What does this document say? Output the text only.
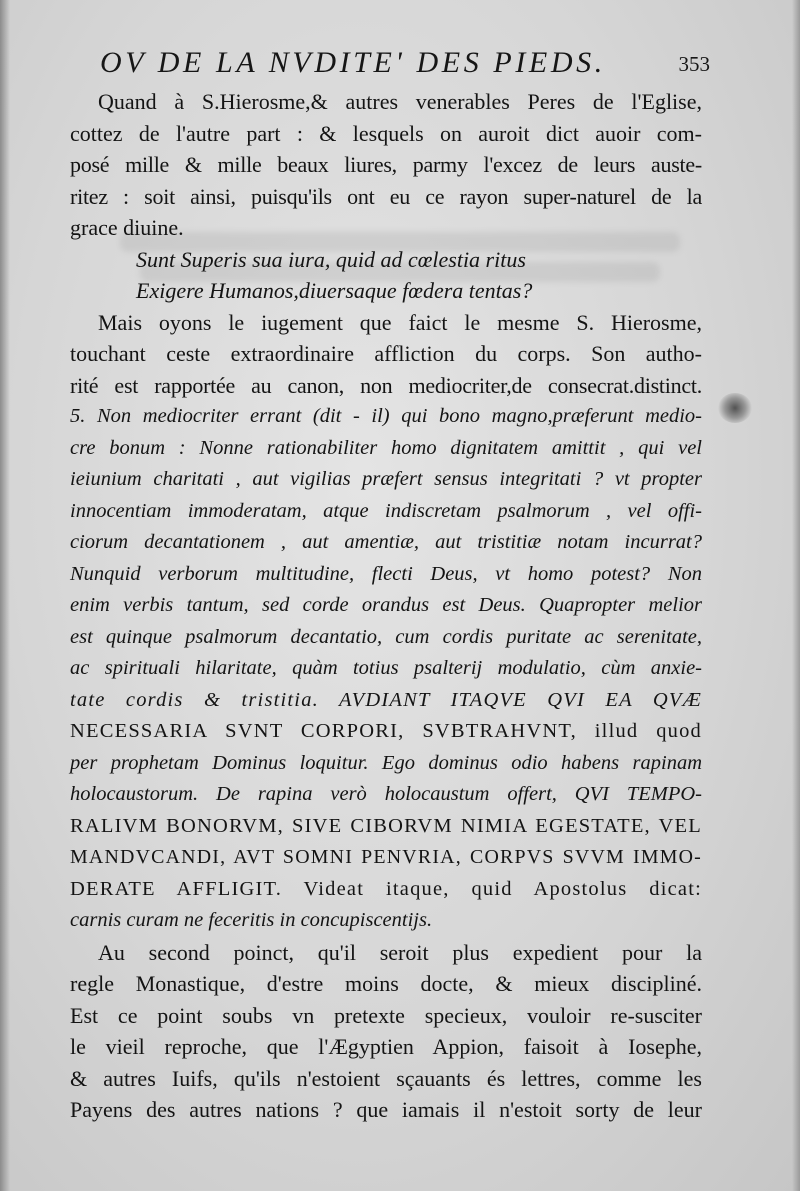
OV DE LA NVDITE' DES PIEDS.	353
Quand à S.Hierosme,& autres venerables Peres de l'Eglise,
cottez de l'autre part : & lesquels on auroit dict auoir com-
posé mille & mille beaux liures, parmy l'excez de leurs auste-
ritez : soit ainsi, puisqu'ils ont eu ce rayon super-naturel de la
grace diuine.
Sunt Superis sua iura, quid ad cœlestia ritus
Exigere Humanos,diuersaque fœdera tentas?
Mais oyons le iugement que faict le mesme S. Hierosme,
touchant ceste extraordinaire affliction du corps. Son autho-
rité est rapportée au canon, non mediocriter,de consecrat.distinct.
5. Non mediocriter errant (dit - il) qui bono magno,præferunt medio-
cre bonum : Nonne rationabiliter homo dignitatem amittit , qui vel
ieiunium charitati , aut vigilias præfert sensus integritati ? vt propter
innocentiam immoderatam, atque indiscretam psalmorum , vel offi-
ciorum decantationem , aut amentiæ, aut tristitiæ notam incurrat?
Nunquid verborum multitudine, flecti Deus, vt homo potest? Non
enim verbis tantum, sed corde orandus est Deus. Quapropter melior
est quinque psalmorum decantatio, cum cordis puritate ac serenitate,
ac spirituali hilaritate, quàm totius psalterij modulatio, cùm anxie-
tate cordis & tristitia. AVDIANT ITAQVE QVI EA QVÆ
NECESSARIA SVNT CORPORI, SVBTRAHVNT, illud quod
per prophetam Dominus loquitur. Ego dominus odio habens rapinam
holocaustorum. De rapina verò holocaustum offert, QVI TEMPO-
RALIVM BONORVM, SIVE CIBORVM NIMIA EGESTATE, VEL
MANDVCANDI, AVT SOMNI PENVRIA, CORPVS SVVM IMMO-
DERATE AFFLIGIT. Videat itaque, quid Apostolus dicat:
carnis curam ne feceritis in concupiscentijs.
Au second poinct, qu'il seroit plus expedient pour la
regle Monastique, d'estre moins docte, & mieux discipliné.
Est ce point soubs vn pretexte specieux, vouloir re-susciter
le vieil reproche, que l'Ægyptien Appion, faisoit à Iosephe,
& autres Iuifs, qu'ils n'estoient sçauants és lettres, comme les
Payens des autres nations ? que iamais il n'estoit sorty de leur
